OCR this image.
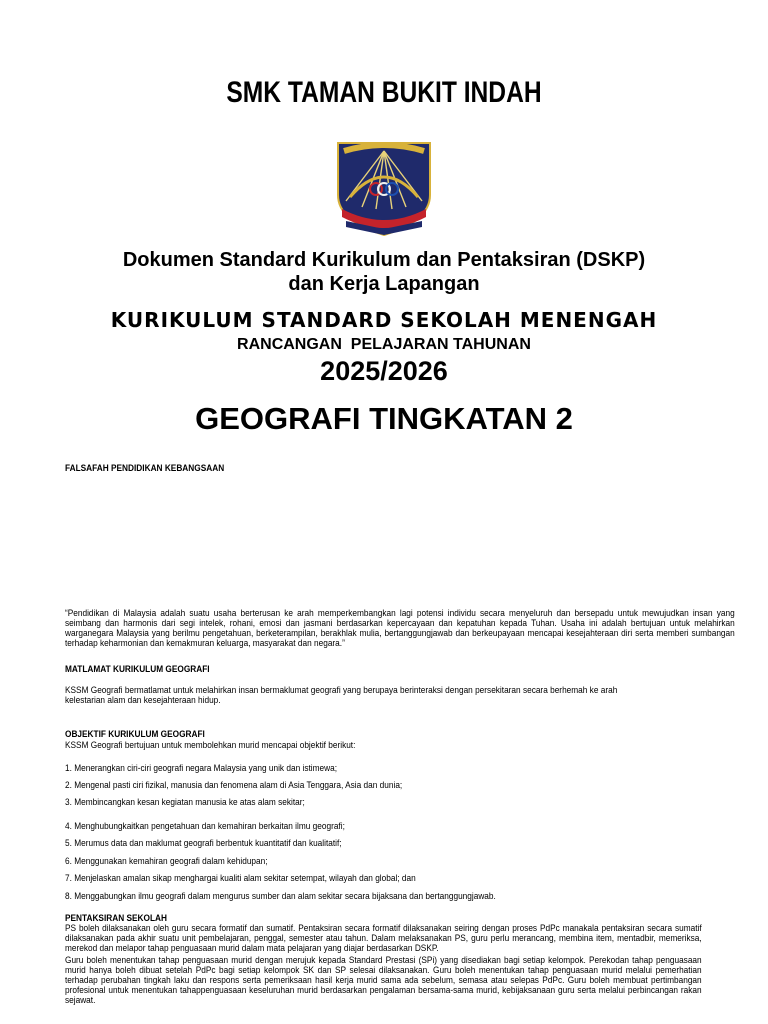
SMK TAMAN BUKIT INDAH
Dokumen Standard Kurikulum dan Pentaksiran (DSKP)
dan Kerja Lapangan
KURIKULUM STANDARD SEKOLAH MENENGAH
RANCANGAN  PELAJARAN TAHUNAN
2025/2026
GEOGRAFI TINGKATAN 2
FALSAFAH PENDIDIKAN KEBANGSAAN
“Pendidikan di Malaysia adalah suatu usaha berterusan ke arah memperkembangkan lagi potensi individu secara menyeluruh dan bersepadu untuk mewujudkan insan yang seimbang dan harmonis dari segi intelek, rohani, emosi dan jasmani berdasarkan kepercayaan dan kepatuhan kepada Tuhan. Usaha ini adalah bertujuan untuk melahirkan warganegara Malaysia yang berilmu pengetahuan, berketerampilan, berakhlak mulia, bertanggungjawab dan berkeupayaan mencapai kesejahteraan diri serta memberi sumbangan terhadap keharmonian dan kemakmuran keluarga, masyarakat dan negara.”
MATLAMAT KURIKULUM GEOGRAFI
KSSM Geografi bermatlamat untuk melahirkan insan bermaklumat geografi yang berupaya berinteraksi dengan persekitaran secara berhemah ke arah kelestarian alam dan kesejahteraan hidup.
OBJEKTIF KURIKULUM GEOGRAFI
KSSM Geografi bertujuan untuk membolehkan murid mencapai objektif berikut:
1. Menerangkan ciri-ciri geografi negara Malaysia yang unik dan istimewa;
2. Mengenal pasti ciri fizikal, manusia dan fenomena alam di Asia Tenggara, Asia dan dunia;
3. Membincangkan kesan kegiatan manusia ke atas alam sekitar;
4. Menghubungkaitkan pengetahuan dan kemahiran berkaitan ilmu geografi;
5. Merumus data dan maklumat geografi berbentuk kuantitatif dan kualitatif;
6. Menggunakan kemahiran geografi dalam kehidupan;
7. Menjelaskan amalan sikap menghargai kualiti alam sekitar setempat, wilayah dan global; dan
8. Menggabungkan ilmu geografi dalam mengurus sumber dan alam sekitar secara bijaksana dan bertanggungjawab.
PENTAKSIRAN SEKOLAH
PS boleh dilaksanakan oleh guru secara formatif dan sumatif. Pentaksiran secara formatif dilaksanakan seiring dengan proses PdPc manakala pentaksiran secara sumatif dilaksanakan pada akhir suatu unit pembelajaran, penggal, semester atau tahun. Dalam melaksanakan PS, guru perlu merancang, membina item, mentadbir, memeriksa, merekod dan melapor tahap penguasaan murid dalam mata pelajaran yang diajar berdasarkan DSKP.
Guru boleh menentukan tahap penguasaan murid dengan merujuk kepada Standard Prestasi (SPi) yang disediakan bagi setiap kelompok. Perekodan tahap penguasaan murid hanya boleh dibuat setelah PdPc bagi setiap kelompok SK dan SP selesai dilaksanakan. Guru boleh menentukan tahap penguasaan murid melalui pemerhatian terhadap perubahan tingkah laku dan respons serta pemeriksaan hasil kerja murid sama ada sebelum, semasa atau selepas PdPc. Guru boleh membuat pertimbangan profesional untuk menentukan tahappenguasaan keseluruhan murid berdasarkan pengalaman bersama-sama murid, kebijaksanaan guru serta melalui perbincangan rakan sejawat.
